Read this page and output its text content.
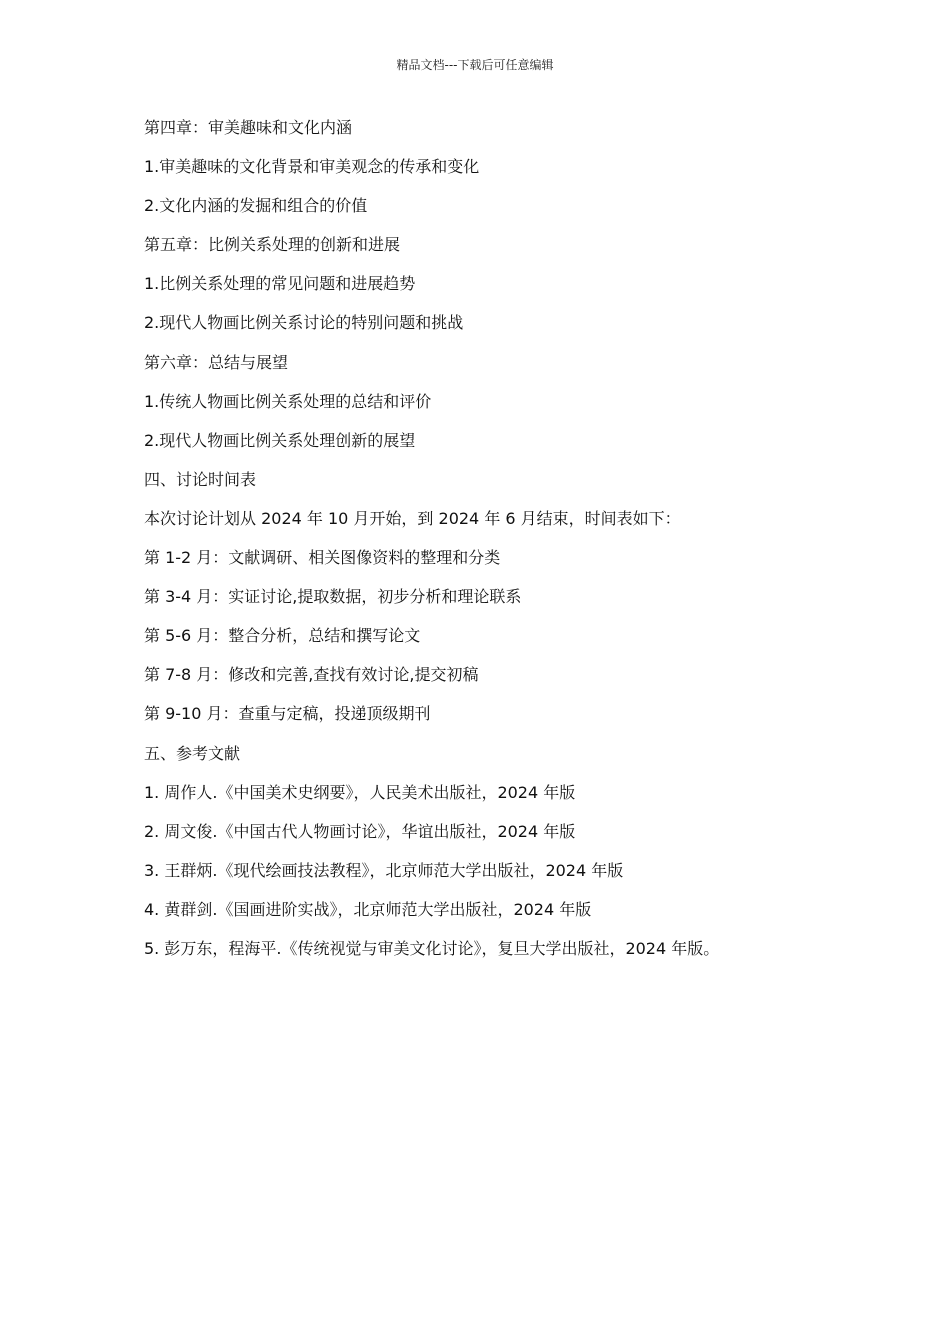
精品文档---下载后可任意编辑
第四章：审美趣味和文化内涵
1.审美趣味的文化背景和审美观念的传承和变化
2.文化内涵的发掘和组合的价值
第五章：比例关系处理的创新和进展
1.比例关系处理的常见问题和进展趋势
2.现代人物画比例关系讨论的特别问题和挑战
第六章：总结与展望
1.传统人物画比例关系处理的总结和评价
2.现代人物画比例关系处理创新的展望
四、讨论时间表
本次讨论计划从 2024 年 10 月开始，到 2024 年 6 月结束，时间表如下：
第 1-2 月：文献调研、相关图像资料的整理和分类
第 3-4 月：实证讨论,提取数据，初步分析和理论联系
第 5-6 月：整合分析，总结和撰写论文
第 7-8 月：修改和完善,查找有效讨论,提交初稿
第 9-10 月：查重与定稿，投递顶级期刊
五、参考文献
1. 周作人.《中国美术史纲要》，人民美术出版社，2024 年版
2. 周文俊.《中国古代人物画讨论》，华谊出版社，2024 年版
3. 王群炳.《现代绘画技法教程》，北京师范大学出版社，2024 年版
4. 黄群剑.《国画进阶实战》，北京师范大学出版社，2024 年版
5. 彭万东，程海平.《传统视觉与审美文化讨论》，复旦大学出版社，2024 年版。
